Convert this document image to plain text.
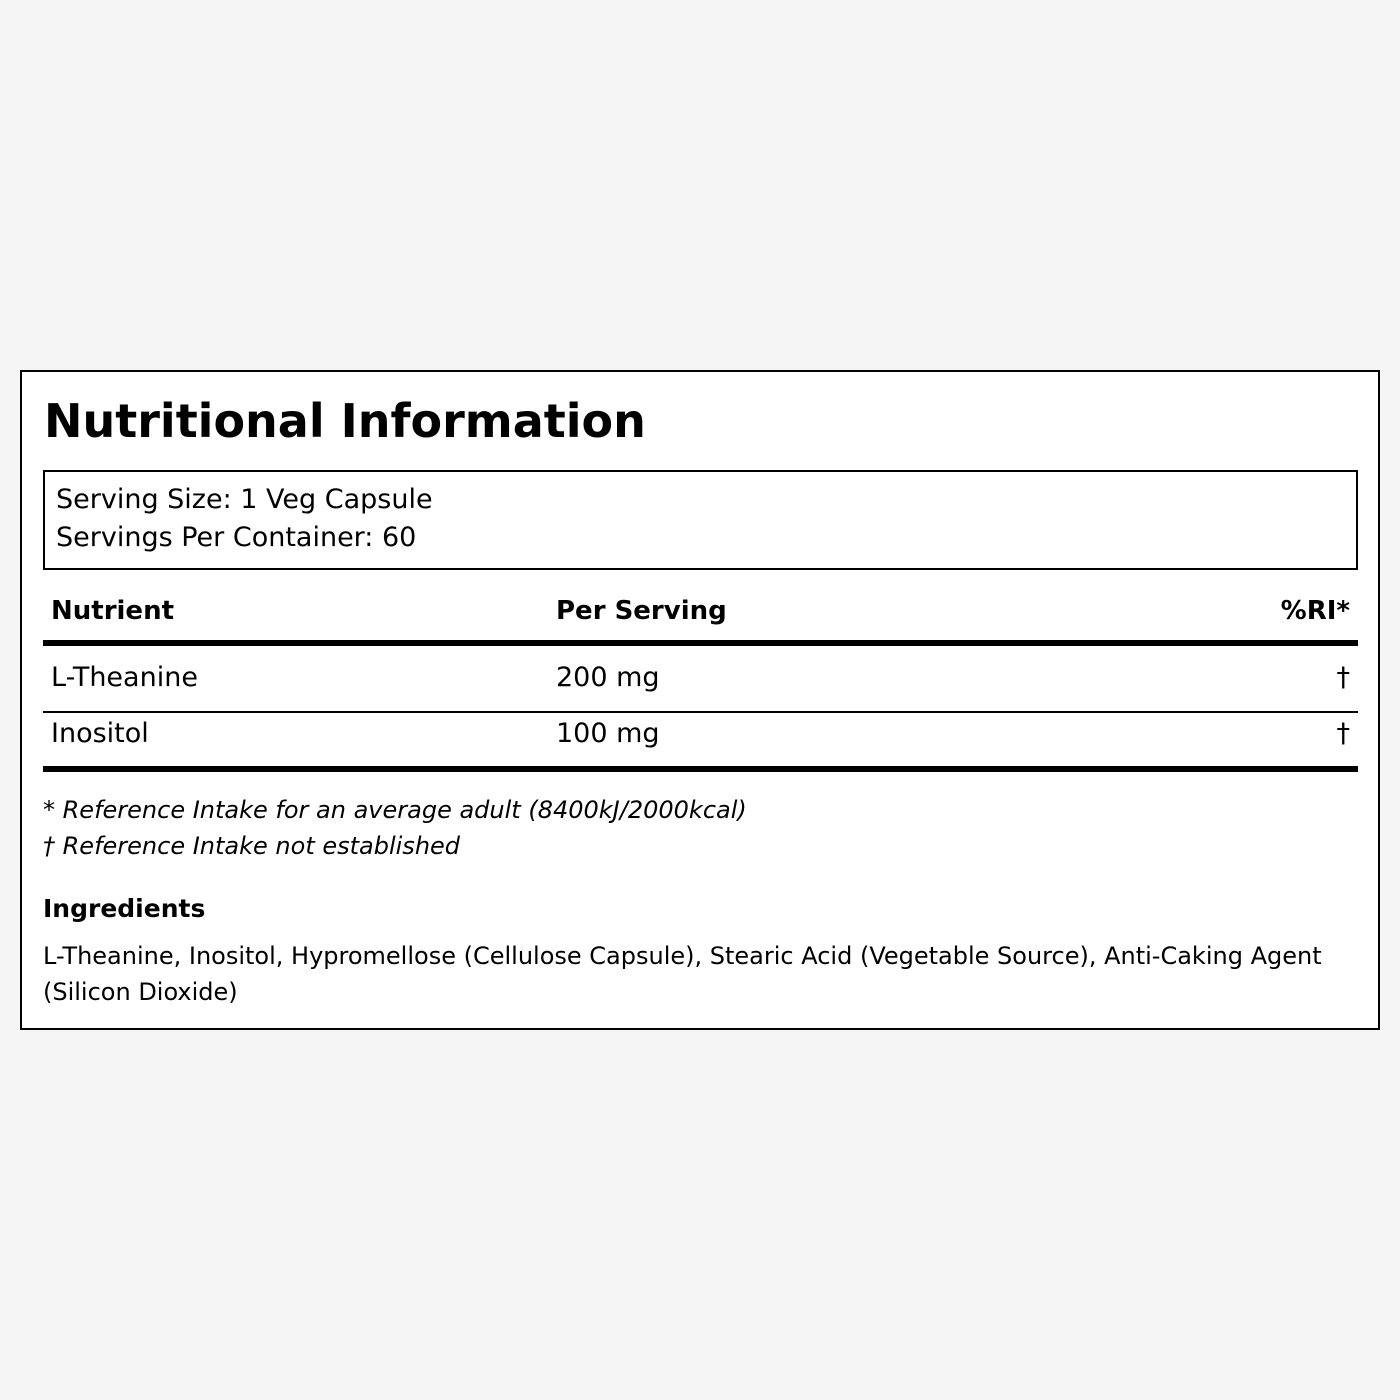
Nutritional Information
Serving Size: 1 Veg Capsule
Servings Per Container: 60
Nutrient	Per Serving	%RI*
L-Theanine	200 mg	†
Inositol	100 mg	†
* Reference Intake for an average adult (8400kJ/2000kcal)
† Reference Intake not established
Ingredients
L-Theanine, Inositol, Hypromellose (Cellulose Capsule), Stearic Acid (Vegetable Source), Anti-Caking Agent (Silicon Dioxide)
